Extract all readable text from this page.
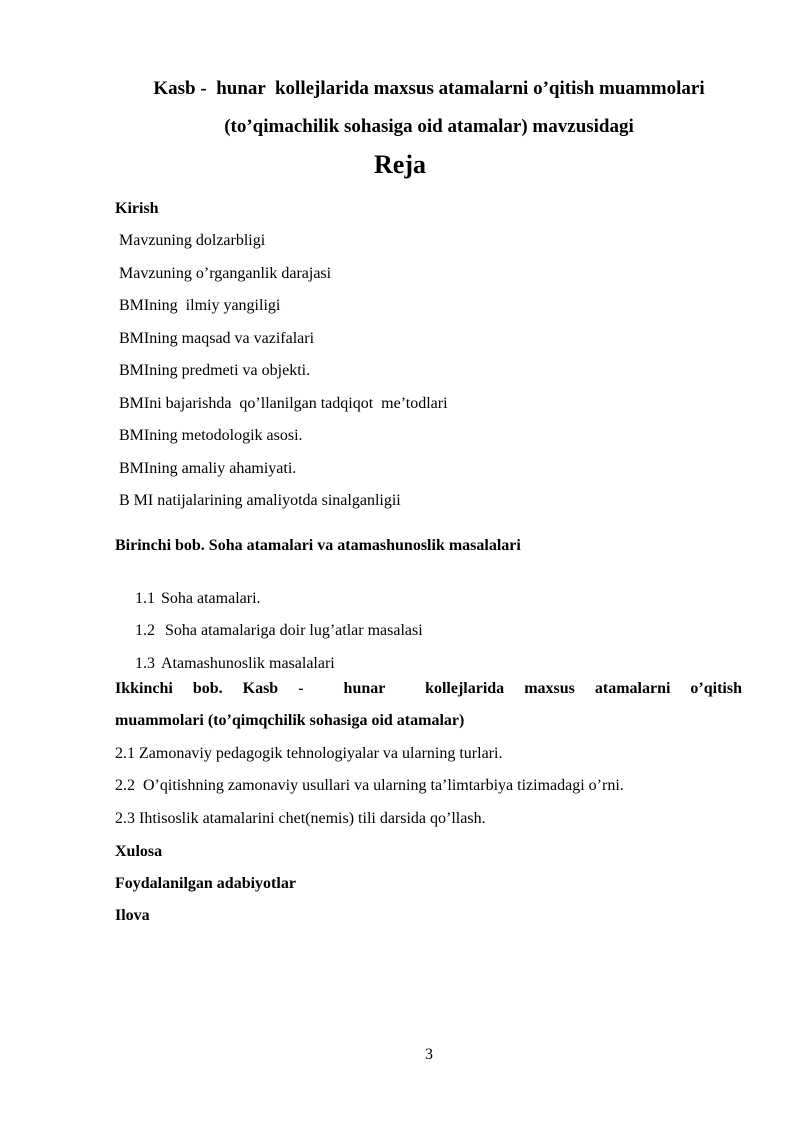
Kasb -  hunar  kollejlarida maxsus atamalarni o’qitish muammolari
(to’qimachilik sohasiga oid atamalar) mavzusidagi
Reja
Kirish
Mavzuning dolzarbligi
Mavzuning o’rganganlik darajasi
BMIning  ilmiy yangiligi
BMIning maqsad va vazifalari
BMIning predmeti va objekti.
BMIni bajarishda  qo’llanilgan tadqiqot  me’todlari
BMIning metodologik asosi.
BMIning amaliy ahamiyati.
B MI natijalarining amaliyotda sinalganligii
Birinchi bob. Soha atamalari va atamashunoslik masalalari

1.1 Soha atamalari.

1.2 Soha atamalariga doir lug’atlar masalasi

1.3 Atamashunoslik masalalari

Ikkinchi bob. Kasb -  hunar  kollejlarida maxsus atamalarni o’qitish
muammolari (to’qimqchilik sohasiga oid atamalar)
2.1 Zamonaviy pedagogik tehnologiyalar va ularning turlari.
2.2  O’qitishning zamonaviy usullari va ularning ta’limtarbiya tizimadagi o’rni.
2.3 Ihtisoslik atamalarini chet(nemis) tili darsida qo’llash.
Xulosa
Foydalanilgan adabiyotlar
Ilova
3
